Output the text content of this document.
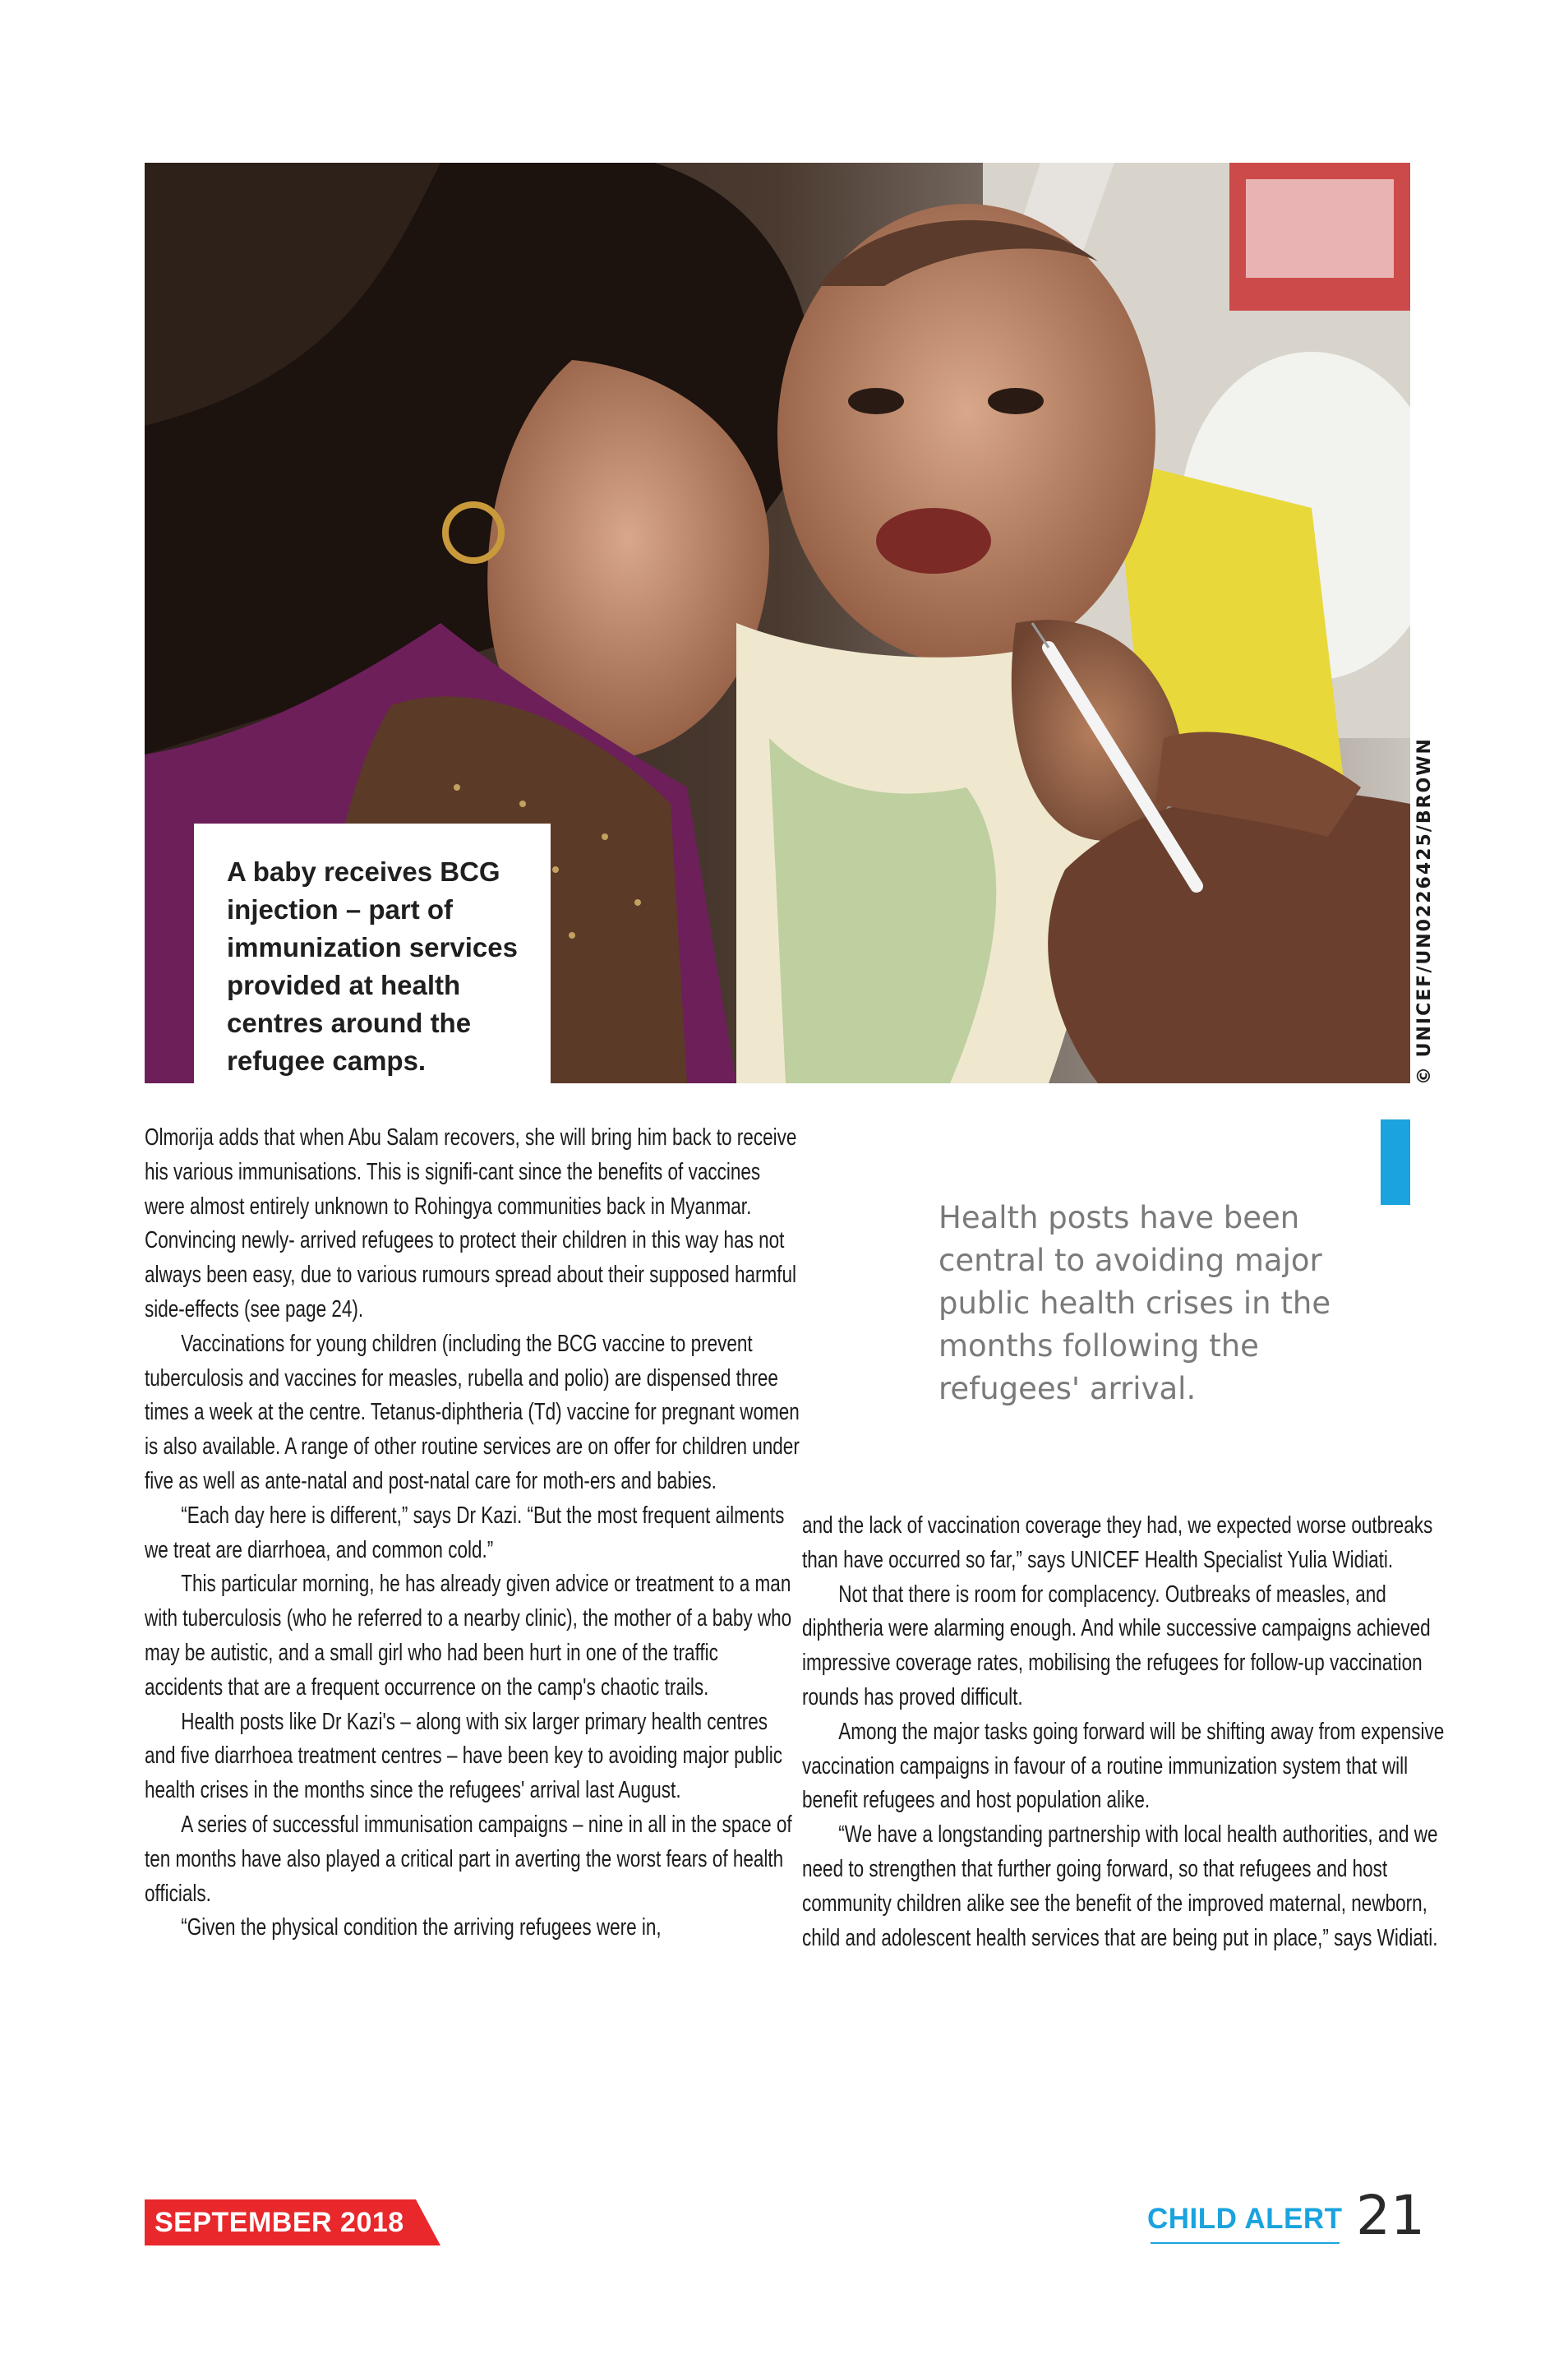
A baby receives BCG injection – part of immunization services provided at health centres around the refugee camps.	© UNICEF/UN0226425/BROWN

Olmorija adds that when Abu Salam recovers, she will bring him back to receive his various immunisations. This is signifi-cant since the benefits of vaccines were almost entirely unknown to Rohingya communities back in Myanmar. Convincing newly- arrived refugees to protect their children in this way has not always been easy, due to various rumours spread about their supposed harmful side-effects (see page 24).

Vaccinations for young children (including the BCG vaccine to prevent tuberculosis and vaccines for measles, rubella and polio) are dispensed three times a week at the centre. Tetanus-diphtheria (Td) vaccine for pregnant women is also available. A range of other routine services are on offer for children under five as well as ante-natal and post-natal care for moth-ers and babies.

“Each day here is different,” says Dr Kazi. “But the most frequent ailments we treat are diarrhoea, and common cold.”

This particular morning, he has already given advice or treatment to a man with tuberculosis (who he referred to a nearby clinic), the mother of a baby who may be autistic, and a small girl who had been hurt in one of the traffic accidents that are a frequent occurrence on the camp's chaotic trails.

Health posts like Dr Kazi's – along with six larger primary health centres and five diarrhoea treatment centres – have been key to avoiding major public health crises in the months since the refugees' arrival last August.

A series of successful immunisation campaigns – nine in all in the space of ten months have also played a critical part in averting the worst fears of health officials.

“Given the physical condition the arriving refugees were in,

Health posts have been central to avoiding major public health crises in the months following the refugees' arrival.

and the lack of vaccination coverage they had, we expected worse outbreaks than have occurred so far,” says UNICEF Health Specialist Yulia Widiati.

Not that there is room for complacency. Outbreaks of measles, and diphtheria were alarming enough. And while successive campaigns achieved impressive coverage rates, mobilising the refugees for follow-up vaccination rounds has proved difficult.

Among the major tasks going forward will be shifting away from expensive vaccination campaigns in favour of a routine immunization system that will benefit refugees and host population alike.

“We have a longstanding partnership with local health authorities, and we need to strengthen that further going forward, so that refugees and host community children alike see the benefit of the improved maternal, newborn, child and adolescent health services that are being put in place,” says Widiati.

SEPTEMBER 2018	CHILD ALERT 21
